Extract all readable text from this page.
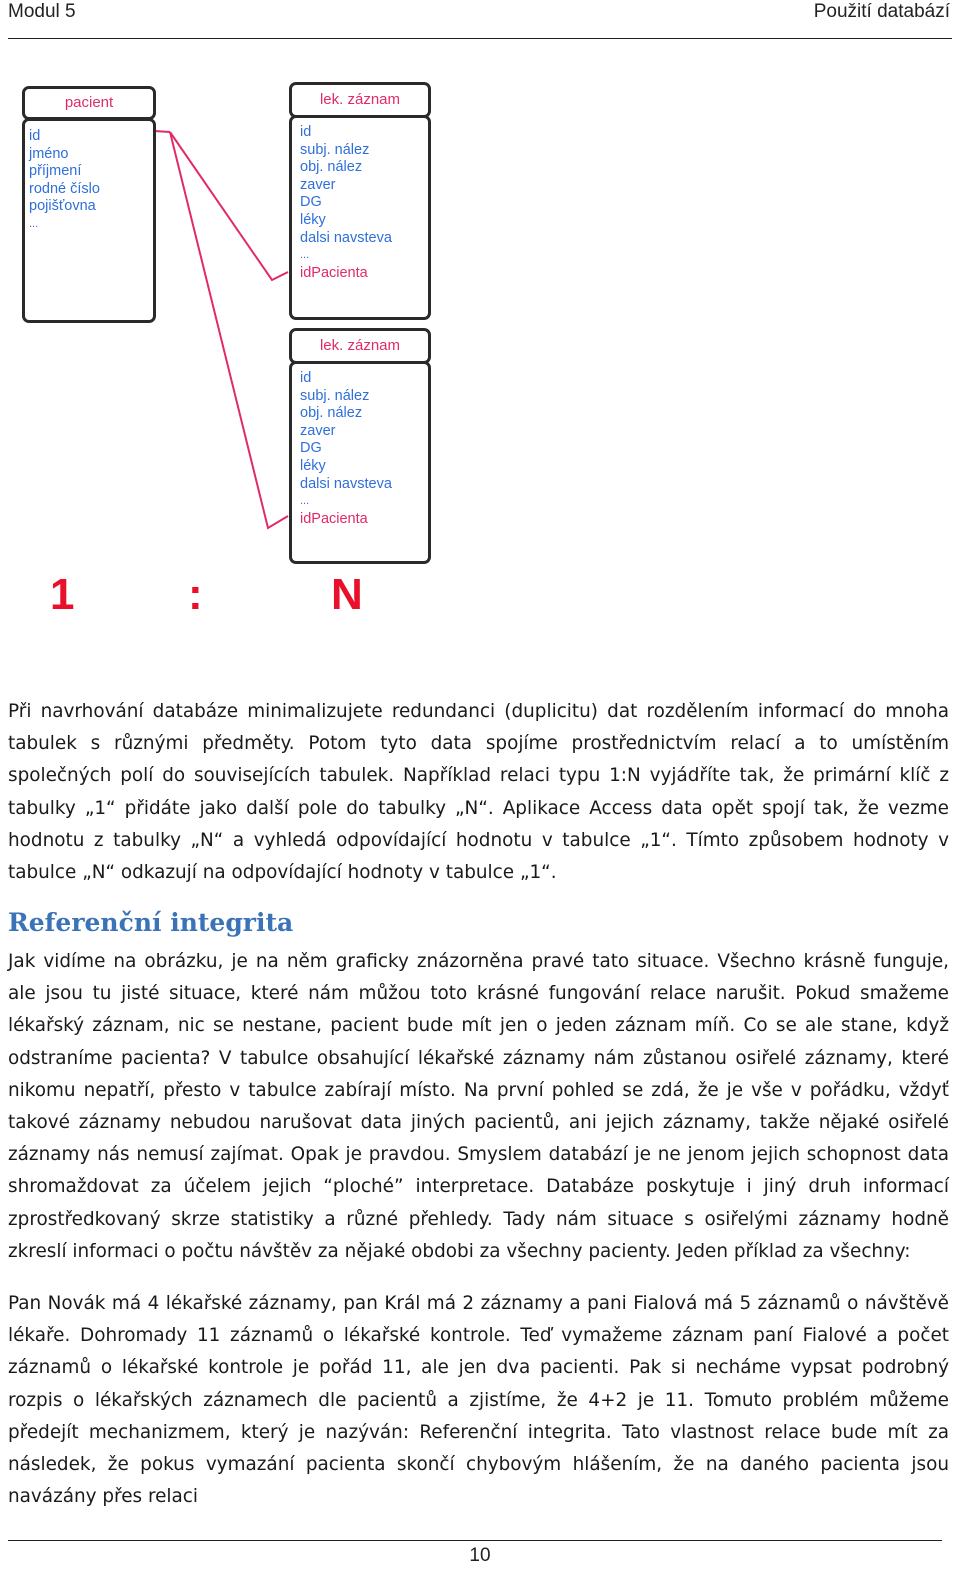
Modul 5	Použití databází
pacient
id
jméno
příjmení
rodné číslo
pojišťovna
...
lek. záznam
id
subj. nález
obj. nález
zaver
DG
léky
dalsi navsteva
...
idPacienta
lek. záznam
id
subj. nález
obj. nález
zaver
DG
léky
dalsi navsteva
...
idPacienta
1	:	N

Při navrhování databáze minimalizujete redundanci (duplicitu) dat rozdělením informací do mnoha tabulek s různými předměty. Potom tyto data spojíme prostřednictvím relací a to umístěním společných polí do souvisejících tabulek. Například relaci typu 1:N vyjádříte tak, že primární klíč z tabulky „1“ přidáte jako další pole do tabulky „N“. Aplikace Access data opět spojí tak, že vezme hodnotu z tabulky „N“ a vyhledá odpovídající hodnotu v tabulce „1“. Tímto způsobem hodnoty v tabulce „N“ odkazují na odpovídající hodnoty v tabulce „1“.

Referenční integrita

Jak vidíme na obrázku, je na něm graficky znázorněna pravé tato situace. Všechno krásně funguje, ale jsou tu jisté situace, které nám můžou toto krásné fungování relace narušit. Pokud smažeme lékařský záznam, nic se nestane, pacient bude mít jen o jeden záznam míň. Co se ale stane, když odstraníme pacienta? V tabulce obsahující lékařské záznamy nám zůstanou osiřelé záznamy, které nikomu nepatří, přesto v tabulce zabírají místo. Na první pohled se zdá, že je vše v pořádku, vždyť takové záznamy nebudou narušovat data jiných pacientů, ani jejich záznamy, takže nějaké osiřelé záznamy nás nemusí zajímat. Opak je pravdou. Smyslem databází je ne jenom jejich schopnost data shromaždovat za účelem jejich “ploché” interpretace. Databáze poskytuje i jiný druh informací zprostředkovaný skrze statistiky a různé přehledy. Tady nám situace s osiřelými záznamy hodně zkreslí informaci o počtu návštěv za nějaké obdobi za všechny pacienty. Jeden příklad za všechny:

Pan Novák má 4 lékařské záznamy, pan Král má 2 záznamy a pani Fialová má 5 záznamů o návštěvě lékaře. Dohromady 11 záznamů o lékařské kontrole. Teď vymažeme záznam paní Fialové a počet záznamů o lékařské kontrole je pořád 11, ale jen dva pacienti. Pak si necháme vypsat podrobný rozpis o lékařských záznamech dle pacientů a zjistíme, že 4+2 je 11. Tomuto problém můžeme předejít mechanizmem, který je nazýván: Referenční integrita. Tato vlastnost relace bude mít za následek, že pokus vymazání pacienta skončí chybovým hlášením, že na daného pacienta jsou navázány přes relaci

10
